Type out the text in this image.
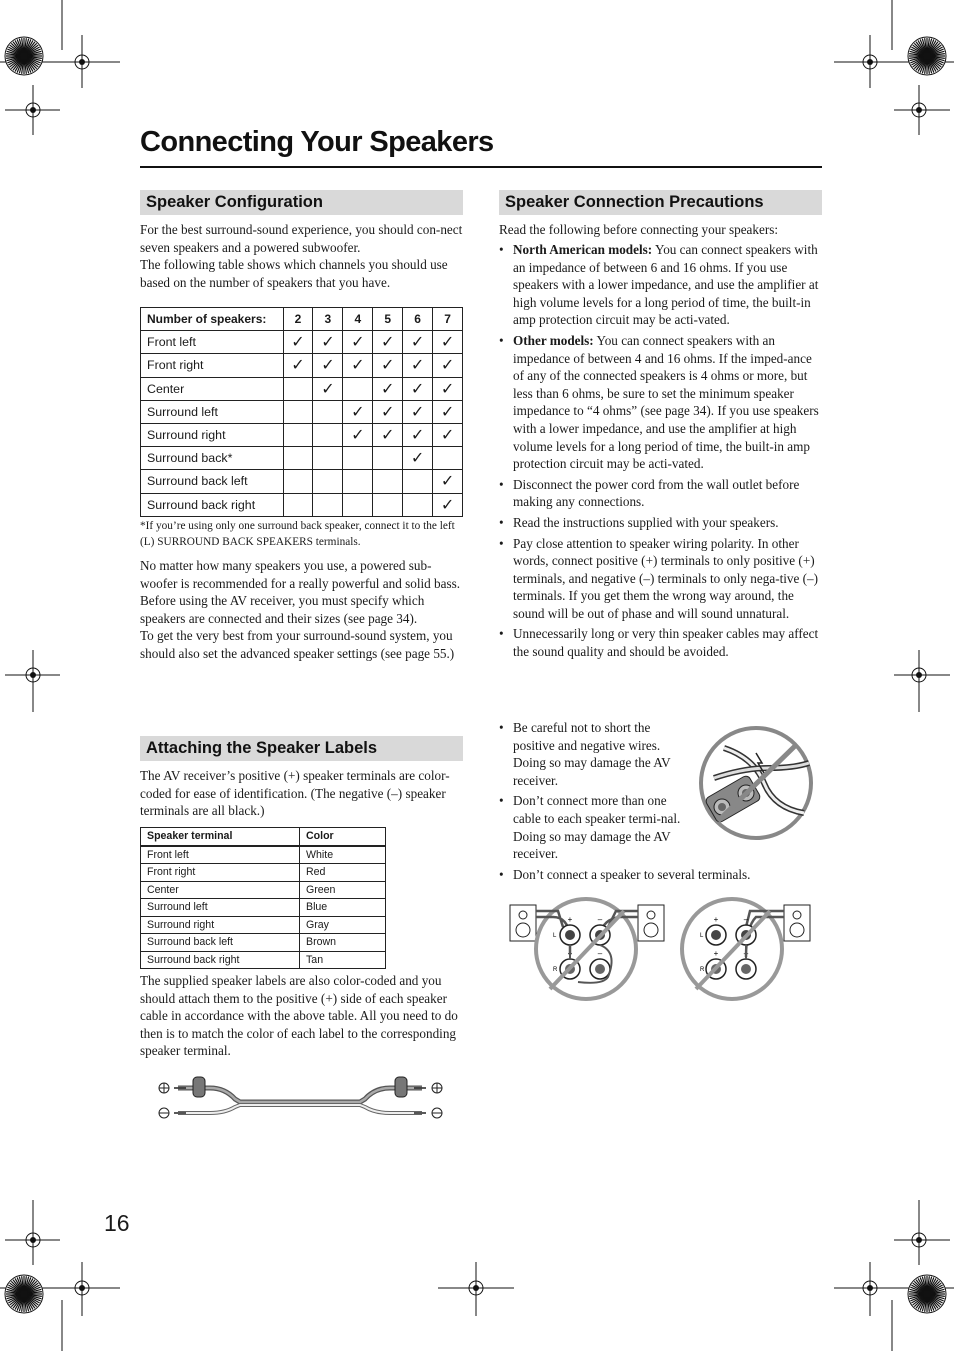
Connecting Your Speakers
Speaker Configuration

For the best surround-sound experience, you should con-nect seven speakers and a powered subwoofer.

The following table shows which channels you should use based on the number of speakers that you have.

Number of speakers:	2	3	4	5	6	7
Front left	✓	✓	✓	✓	✓	✓
Front right	✓	✓	✓	✓	✓	✓
Center		✓		✓	✓	✓
Surround left			✓	✓	✓	✓
Surround right			✓	✓	✓	✓
Surround back*					✓	
Surround back left						✓
Surround back right						✓
*If you’re using only one surround back speaker, connect it to the left (L) SURROUND BACK SPEAKERS terminals.

No matter how many speakers you use, a powered sub-woofer is recommended for a really powerful and solid bass.

Before using the AV receiver, you must specify which speakers are connected and their sizes (see page 34).

To get the very best from your surround-sound system, you should also set the advanced speaker settings (see page 55.)

Attaching the Speaker Labels
The AV receiver’s positive (+) speaker terminals are color-coded for ease of identification. (The negative (–) speaker terminals are all black.)
Speaker terminal	Color
Front left	White
Front right	Red
Center	Green
Surround left	Blue
Surround right	Gray
Surround back left	Brown
Surround back right	Tan
The supplied speaker labels are also color-coded and you should attach them to the positive (+) side of each speaker cable in accordance with the above table. All you need to do then is to match the color of each label to the corresponding speaker terminal.
Speaker Connection Precautions
Read the following before connecting your speakers:
• North American models: You can connect speakers with an impedance of between 6 and 16 ohms. If you use speakers with a lower impedance, and use the amplifier at high volume levels for a long period of time, the built-in amp protection circuit may be acti-vated.
• Other models: You can connect speakers with an impedance of between 4 and 16 ohms. If the imped-ance of any of the connected speakers is 4 ohms or more, but less than 6 ohms, be sure to set the minimum speaker impedance to “4 ohms” (see page 34). If you use speakers with a lower impedance, and use the amplifier at high volume levels for a long period of time, the built-in amp protection circuit may be acti-vated.
• Disconnect the power cord from the wall outlet before making any connections.
• Read the instructions supplied with your speakers.
• Pay close attention to speaker wiring polarity. In other words, connect positive (+) terminals to only positive (+) terminals, and negative (–) terminals to only nega-tive (–) terminals. If you get them the wrong way around, the sound will be out of phase and will sound unnatural.
• Unnecessarily long or very thin speaker cables may affect the sound quality and should be avoided.
• Be careful not to short the positive and negative wires. Doing so may damage the AV receiver.
• Don’t connect more than one cable to each speaker termi-nal. Doing so may damage the AV receiver.
• Don’t connect a speaker to several terminals.
+	–
+	–
L
R
+	–
+	–
L
R
16
